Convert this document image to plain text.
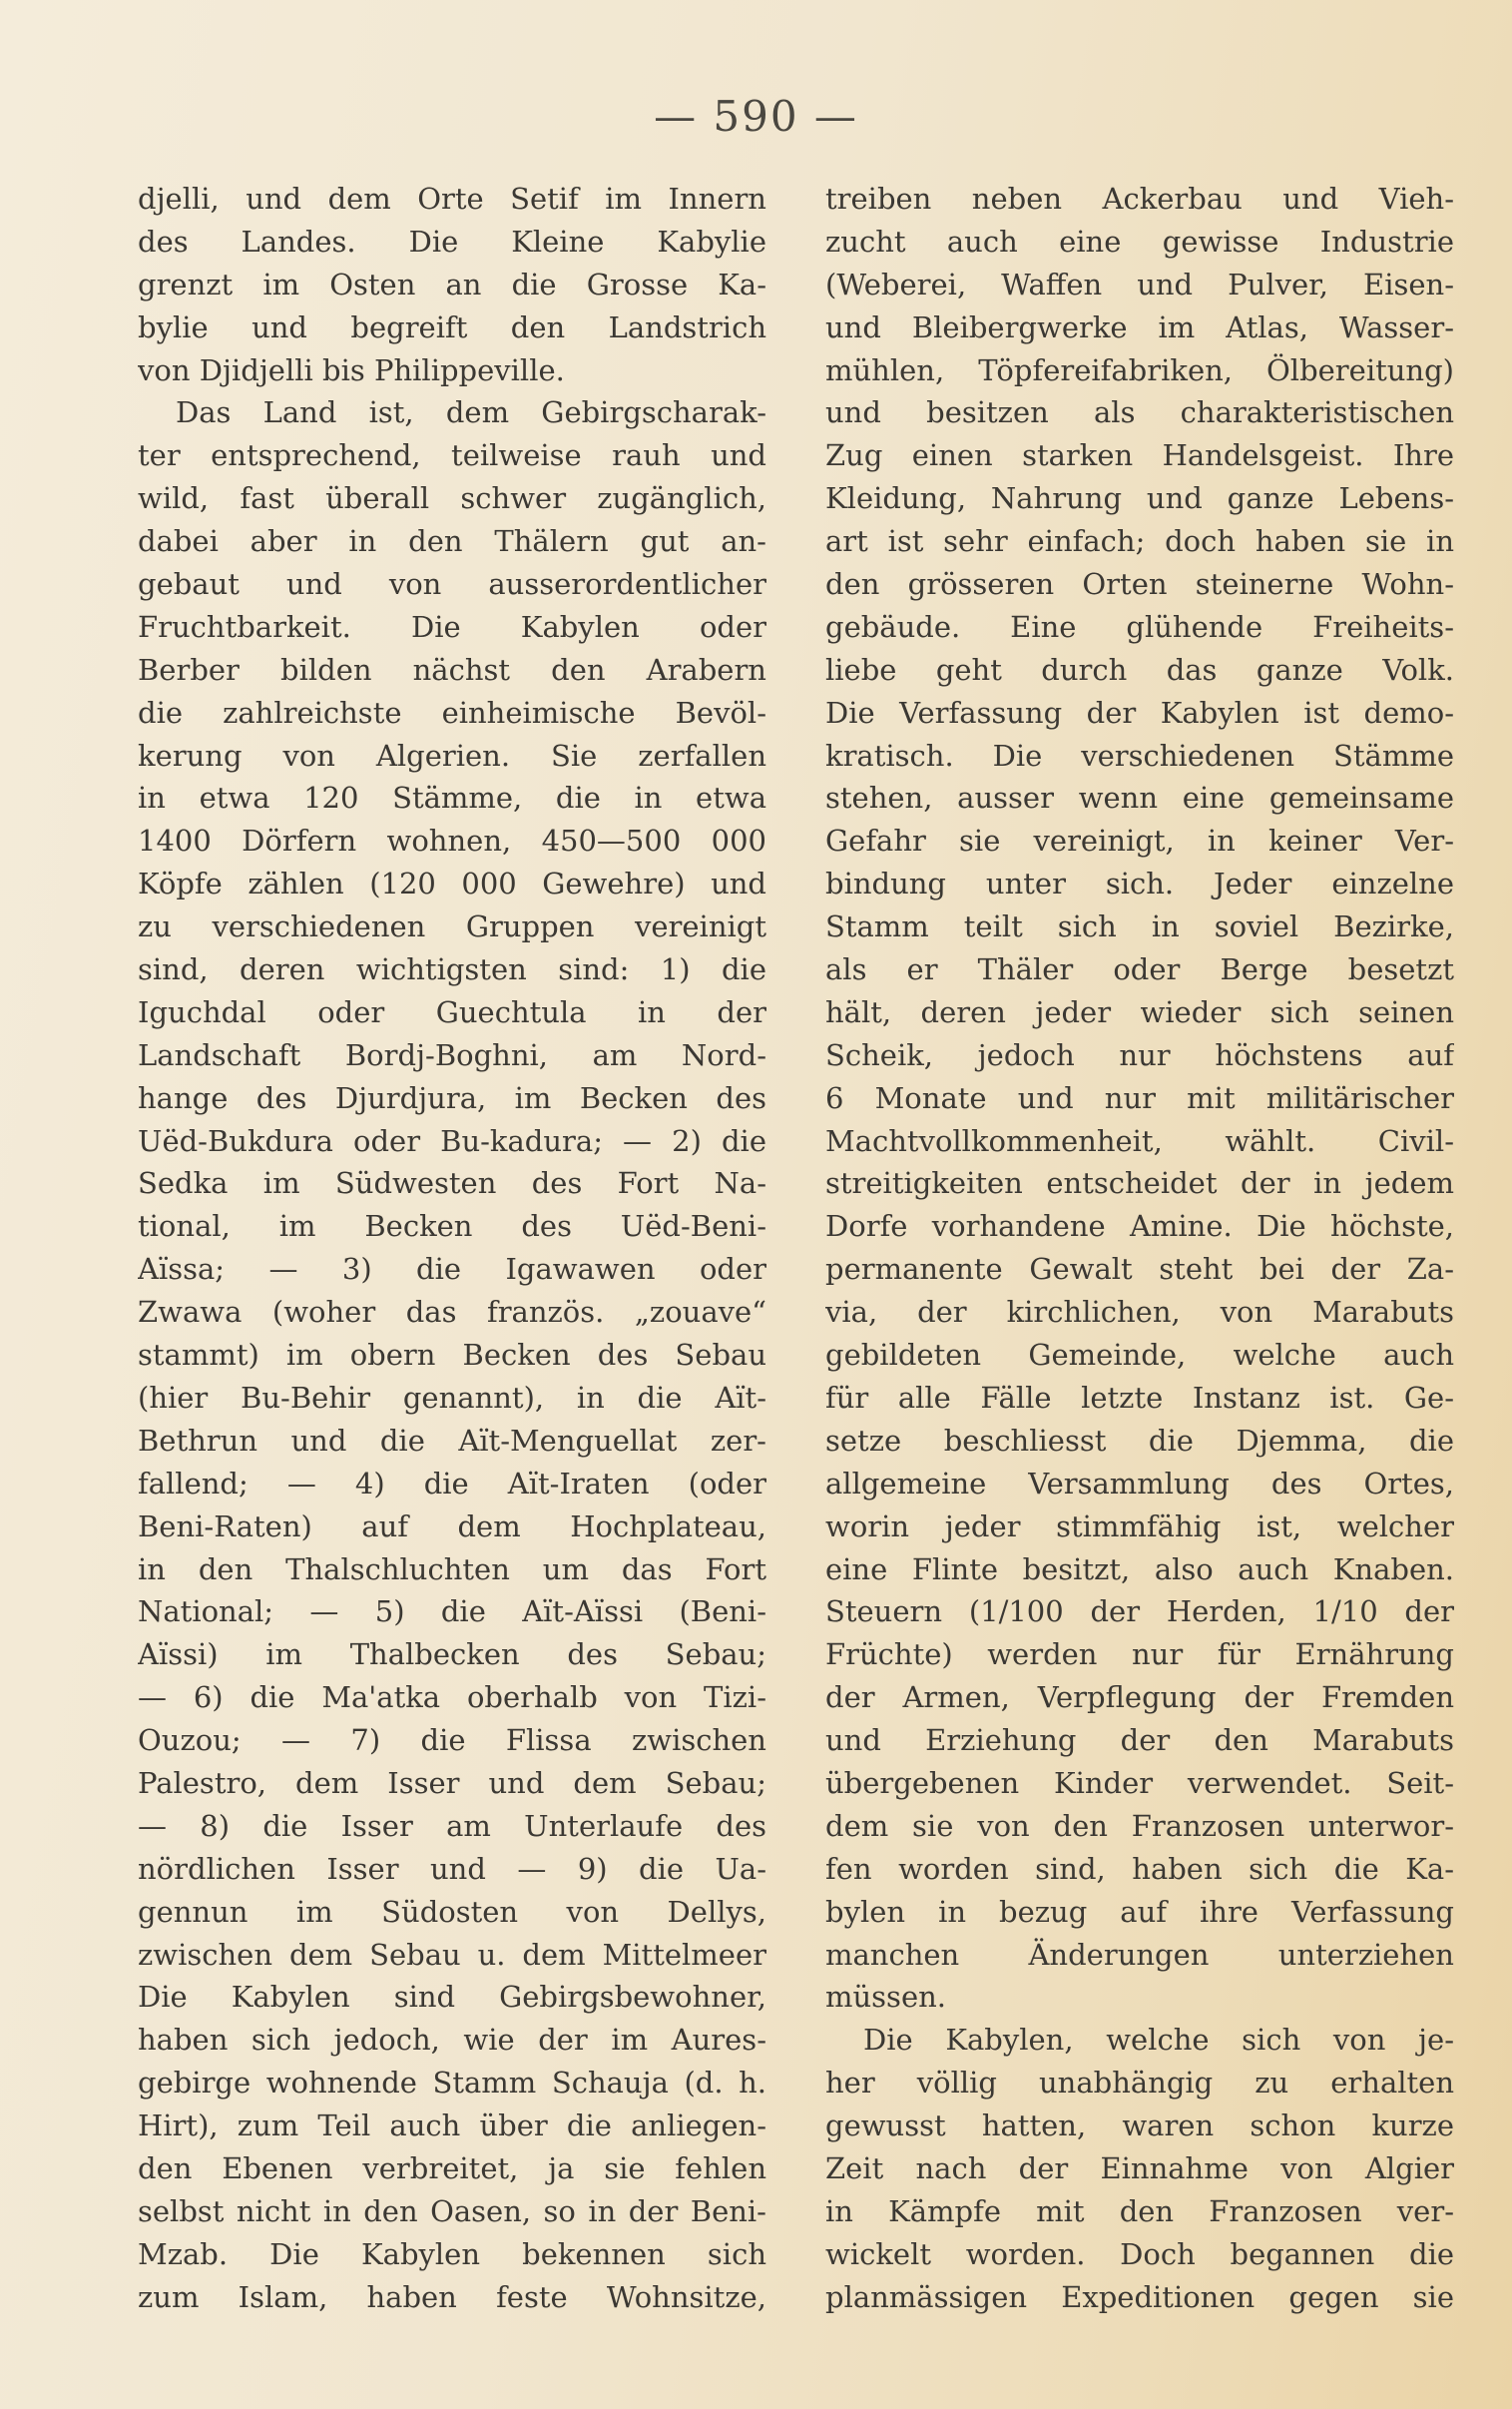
— 590 —
djelli, und dem Orte Setif im Innern
des Landes. Die Kleine Kabylie
grenzt im Osten an die Grosse Ka-
bylie und begreift den Landstrich
von Djidjelli bis Philippeville.
Das Land ist, dem Gebirgscharak-
ter entsprechend, teilweise rauh und
wild, fast überall schwer zugänglich,
dabei aber in den Thälern gut an-
gebaut und von ausserordentlicher
Fruchtbarkeit. Die Kabylen oder
Berber bilden nächst den Arabern
die zahlreichste einheimische Bevöl-
kerung von Algerien. Sie zerfallen
in etwa 120 Stämme, die in etwa
1400 Dörfern wohnen, 450—500 000
Köpfe zählen (120 000 Gewehre) und
zu verschiedenen Gruppen vereinigt
sind, deren wichtigsten sind: 1) die
Iguchdal oder Guechtula in der
Landschaft Bordj-Boghni, am Nord-
hange des Djurdjura, im Becken des
Uëd-Bukdura oder Bu-kadura; — 2) die
Sedka im Südwesten des Fort Na-
tional, im Becken des Uëd-Beni-
Aïssa; — 3) die Igawawen oder
Zwawa (woher das französ. „zouave“
stammt) im obern Becken des Sebau
(hier Bu-Behir genannt), in die Aït-
Bethrun und die Aït-Menguellat zer-
fallend; — 4) die Aït-Iraten (oder
Beni-Raten) auf dem Hochplateau,
in den Thalschluchten um das Fort
National; — 5) die Aït-Aïssi (Beni-
Aïssi) im Thalbecken des Sebau;
— 6) die Ma'atka oberhalb von Tizi-
Ouzou; — 7) die Flissa zwischen
Palestro, dem Isser und dem Sebau;
— 8) die Isser am Unterlaufe des
nördlichen Isser und — 9) die Ua-
gennun im Südosten von Dellys,
zwischen dem Sebau u. dem Mittelmeer
Die Kabylen sind Gebirgsbewohner,
haben sich jedoch, wie der im Aures-
gebirge wohnende Stamm Schauja (d. h.
Hirt), zum Teil auch über die anliegen-
den Ebenen verbreitet, ja sie fehlen
selbst nicht in den Oasen, so in der Beni-
Mzab. Die Kabylen bekennen sich
zum Islam, haben feste Wohnsitze,
treiben neben Ackerbau und Vieh-
zucht auch eine gewisse Industrie
(Weberei, Waffen und Pulver, Eisen-
und Bleibergwerke im Atlas, Wasser-
mühlen, Töpfereifabriken, Ölbereitung)
und besitzen als charakteristischen
Zug einen starken Handelsgeist. Ihre
Kleidung, Nahrung und ganze Lebens-
art ist sehr einfach; doch haben sie in
den grösseren Orten steinerne Wohn-
gebäude. Eine glühende Freiheits-
liebe geht durch das ganze Volk.
Die Verfassung der Kabylen ist demo-
kratisch. Die verschiedenen Stämme
stehen, ausser wenn eine gemeinsame
Gefahr sie vereinigt, in keiner Ver-
bindung unter sich. Jeder einzelne
Stamm teilt sich in soviel Bezirke,
als er Thäler oder Berge besetzt
hält, deren jeder wieder sich seinen
Scheik, jedoch nur höchstens auf
6 Monate und nur mit militärischer
Machtvollkommenheit, wählt. Civil-
streitigkeiten entscheidet der in jedem
Dorfe vorhandene Amine. Die höchste,
permanente Gewalt steht bei der Za-
via, der kirchlichen, von Marabuts
gebildeten Gemeinde, welche auch
für alle Fälle letzte Instanz ist. Ge-
setze beschliesst die Djemma, die
allgemeine Versammlung des Ortes,
worin jeder stimmfähig ist, welcher
eine Flinte besitzt, also auch Knaben.
Steuern (1/100 der Herden, 1/10 der
Früchte) werden nur für Ernährung
der Armen, Verpflegung der Fremden
und Erziehung der den Marabuts
übergebenen Kinder verwendet. Seit-
dem sie von den Franzosen unterwor-
fen worden sind, haben sich die Ka-
bylen in bezug auf ihre Verfassung
manchen Änderungen unterziehen
müssen.
Die Kabylen, welche sich von je-
her völlig unabhängig zu erhalten
gewusst hatten, waren schon kurze
Zeit nach der Einnahme von Algier
in Kämpfe mit den Franzosen ver-
wickelt worden. Doch begannen die
planmässigen Expeditionen gegen sie
